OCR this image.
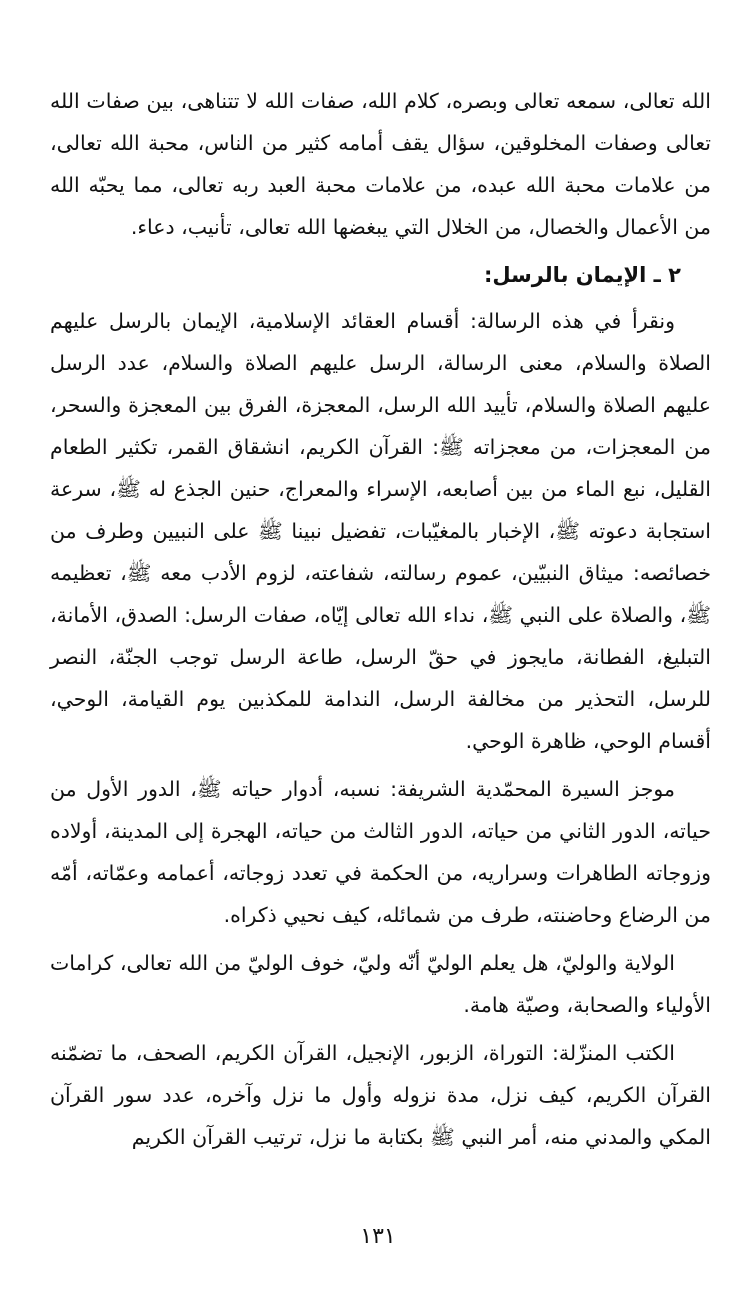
الله تعالى، سمعه تعالى وبصره، كلام الله، صفات الله لا تتناهى، بين صفات الله تعالى وصفات المخلوقين، سؤال يقف أمامه كثير من الناس، محبة الله تعالى، من علامات محبة الله عبده، من علامات محبة العبد ربه تعالى، مما يحبّه الله من الأعمال والخصال، من الخلال التي يبغضها الله تعالى، تأنيب، دعاء.

٢ ـ الإيمان بالرسل:

ونقرأ في هذه الرسالة: أقسام العقائد الإسلامية، الإيمان بالرسل عليهم الصلاة والسلام، معنى الرسالة، الرسل عليهم الصلاة والسلام، عدد الرسل عليهم الصلاة والسلام، تأييد الله الرسل، المعجزة، الفرق بين المعجزة والسحر، من المعجزات، من معجزاته ﷺ: القرآن الكريم، انشقاق القمر، تكثير الطعام القليل، نبع الماء من بين أصابعه، الإسراء والمعراج، حنين الجذع له ﷺ، سرعة استجابة دعوته ﷺ، الإخبار بالمغيّبات، تفضيل نبينا ﷺ على النبيين وطرف من خصائصه: ميثاق النبيّين، عموم رسالته، شفاعته، لزوم الأدب معه ﷺ، تعظيمه ﷺ، والصلاة على النبي ﷺ، نداء الله تعالى إيّاه، صفات الرسل: الصدق، الأمانة، التبليغ، الفطانة، مايجوز في حقّ الرسل، طاعة الرسل توجب الجنّة، النصر للرسل، التحذير من مخالفة الرسل، الندامة للمكذبين يوم القيامة، الوحي، أقسام الوحي، ظاهرة الوحي.

موجز السيرة المحمّدية الشريفة: نسبه، أدوار حياته ﷺ، الدور الأول من حياته، الدور الثاني من حياته، الدور الثالث من حياته، الهجرة إلى المدينة، أولاده وزوجاته الطاهرات وسراريه، من الحكمة في تعدد زوجاته، أعمامه وعمّاته، أمّه من الرضاع وحاضنته، طرف من شمائله، كيف نحيي ذكراه.

الولاية والوليّ، هل يعلم الوليّ أنّه وليّ، خوف الوليّ من الله تعالى، كرامات الأولياء والصحابة، وصيّة هامة.

الكتب المنزّلة: التوراة، الزبور، الإنجيل، القرآن الكريم، الصحف، ما تضمّنه القرآن الكريم، كيف نزل، مدة نزوله وأول ما نزل وآخره، عدد سور القرآن المكي والمدني منه، أمر النبي ﷺ بكتابة ما نزل، ترتيب القرآن الكريم

١٣١
